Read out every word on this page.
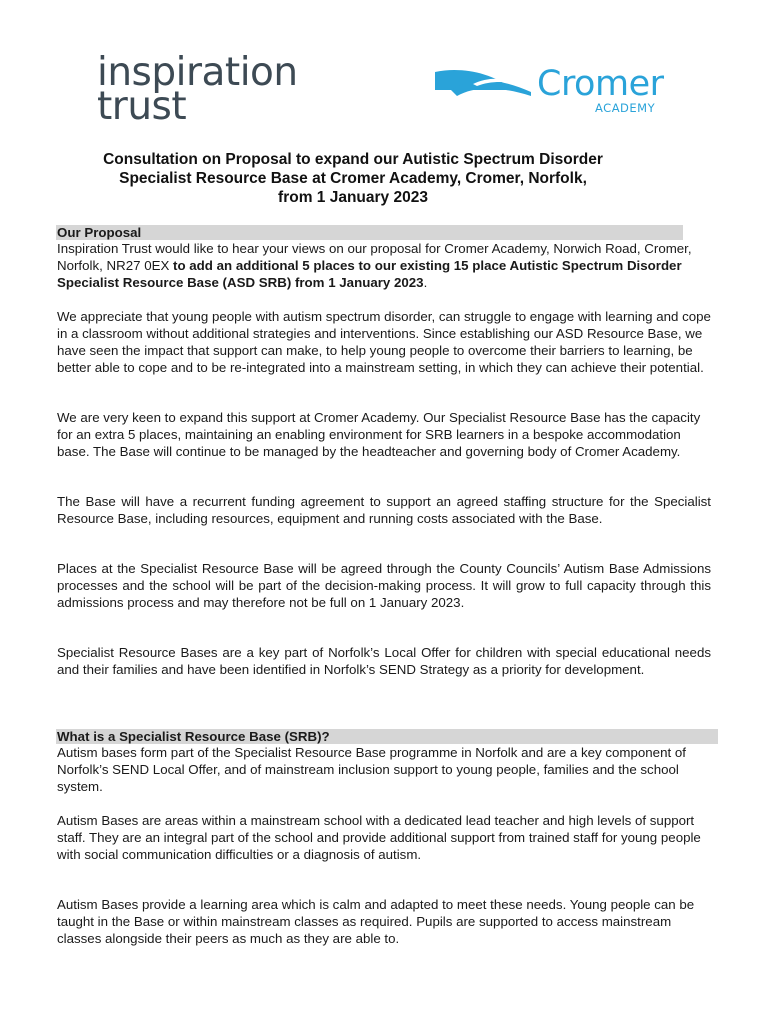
inspiration
trust	Cromer
ACADEMY
Consultation on Proposal to expand our Autistic Spectrum Disorder
Specialist Resource Base at Cromer Academy, Cromer, Norfolk,
from 1 January 2023
Our Proposal
Inspiration Trust would like to hear your views on our proposal for Cromer Academy, Norwich Road, Cromer, Norfolk, NR27 0EX to add an additional 5 places to our existing 15 place Autistic Spectrum Disorder Specialist Resource Base (ASD SRB) from 1 January 2023.
We appreciate that young people with autism spectrum disorder, can struggle to engage with learning and cope in a classroom without additional strategies and interventions. Since establishing our ASD Resource Base, we have seen the impact that support can make, to help young people to overcome their barriers to learning, be better able to cope and to be re-integrated into a mainstream setting, in which they can achieve their potential.
We are very keen to expand this support at Cromer Academy. Our Specialist Resource Base has the capacity for an extra 5 places, maintaining an enabling environment for SRB learners in a bespoke accommodation base. The Base will continue to be managed by the headteacher and governing body of Cromer Academy.
The Base will have a recurrent funding agreement to support an agreed staffing structure for the Specialist Resource Base, including resources, equipment and running costs associated with the Base.
Places at the Specialist Resource Base will be agreed through the County Councils’ Autism Base Admissions processes and the school will be part of the decision-making process. It will grow to full capacity through this admissions process and may therefore not be full on 1 January 2023.
Specialist Resource Bases are a key part of Norfolk’s Local Offer for children with special educational needs and their families and have been identified in Norfolk’s SEND Strategy as a priority for development.
What is a Specialist Resource Base (SRB)?
Autism bases form part of the Specialist Resource Base programme in Norfolk and are a key component of Norfolk’s SEND Local Offer, and of mainstream inclusion support to young people, families and the school system.
Autism Bases are areas within a mainstream school with a dedicated lead teacher and high levels of support staff. They are an integral part of the school and provide additional support from trained staff for young people with social communication difficulties or a diagnosis of autism.
Autism Bases provide a learning area which is calm and adapted to meet these needs. Young people can be taught in the Base or within mainstream classes as required. Pupils are supported to access mainstream classes alongside their peers as much as they are able to.
